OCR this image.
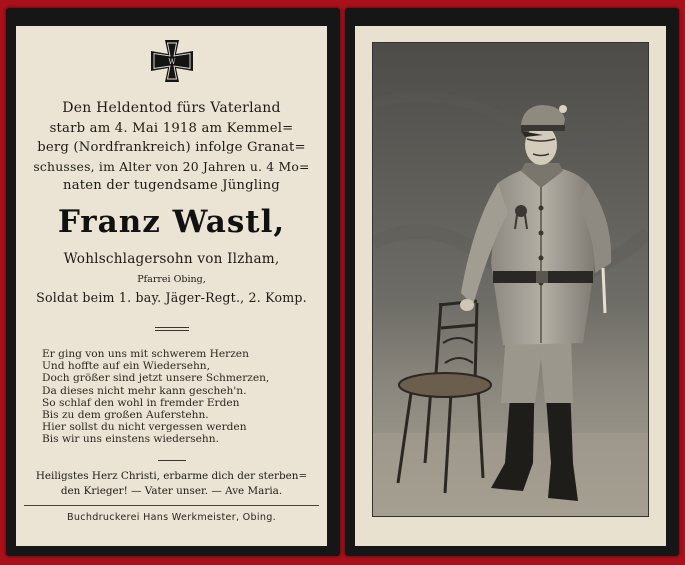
W
Den Heldentod fürs Vaterland
starb am 4. Mai 1918 am Kemmel=
berg (Nordfrankreich) infolge Granat=
schusses, im Alter von 20 Jahren u. 4 Mo=
naten der tugendsame Jüngling
Franz Wastl,
Wohlschlagersohn von Ilzham,
Pfarrei Obing,
Soldat beim 1. bay. Jäger-Regt., 2. Komp.
Er ging von uns mit schwerem Herzen
Und hoffte auf ein Wiedersehn,
Doch größer sind jetzt unsere Schmerzen,
Da dieses nicht mehr kann gescheh'n.
So schlaf den wohl in fremder Erden
Bis zu dem großen Auferstehn.
Hier sollst du nicht vergessen werden
Bis wir uns einstens wiedersehn.
Heiligstes Herz Christi, erbarme dich der sterben=
den Krieger! — Vater unser. — Ave Maria.
Buchdruckerei Hans Werkmeister, Obing.
